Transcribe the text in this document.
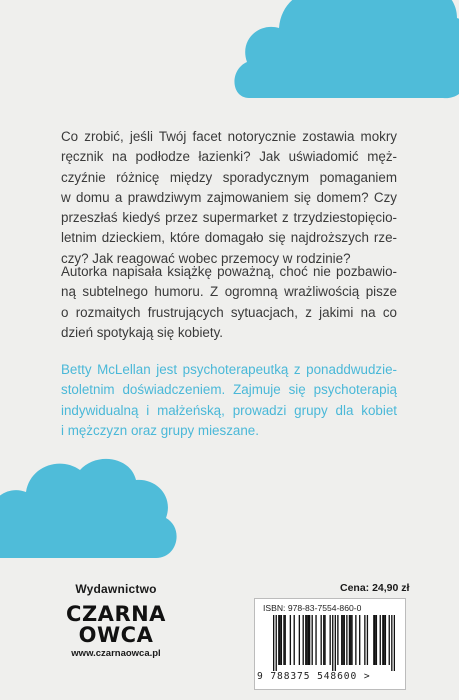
Co zrobić, jeśli Twój facet notorycznie zostawia mokry
ręcznik na podłodze łazienki? Jak uświadomić męż-
czyźnie różnicę między sporadycznym pomaganiem
w domu a prawdziwym zajmowaniem się domem? Czy
przeszłaś kiedyś przez supermarket z trzydziestopięcio-
letnim dzieckiem, które domagało się najdroższych rze-
czy? Jak reagować wobec przemocy w rodzinie?

Autorka napisała książkę poważną, choć nie pozbawio-
ną subtelnego humoru. Z ogromną wrażliwością pisze
o rozmaitych frustrujących sytuacjach, z jakimi na co
dzień spotykają się kobiety.

Betty McLellan jest psychoterapeutką z ponaddwudzie-
stoletnim doświadczeniem. Zajmuje się psychoterapią
indywidualną i małżeńską, prowadzi grupy dla kobiet
i mężczyzn oraz grupy mieszane.

Wydawnictwo
CZARNA
OWCA
www.czarnaowca.pl
Cena: 24,90 zł
ISBN: 978-83-7554-860-0
9 788375 548600 >
